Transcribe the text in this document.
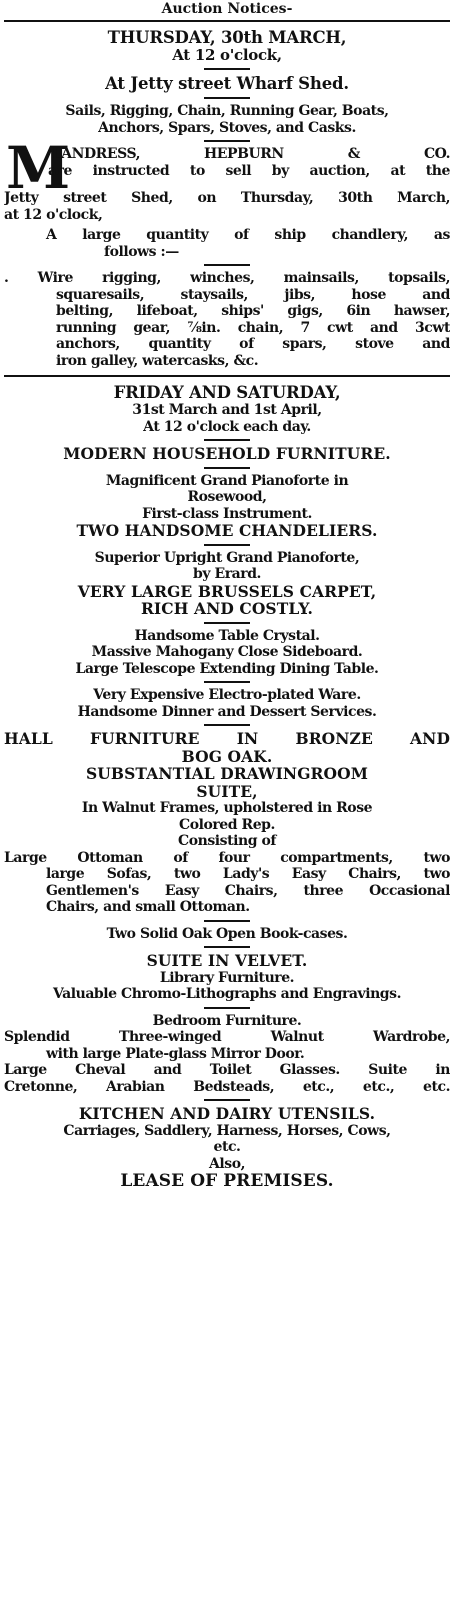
Auction Notices-
THURSDAY, 30th MARCH,
At 12 o'clock,
At Jetty street Wharf Shed.
Sails, Rigging, Chain, Running Gear, Boats,
Anchors, Spars, Stoves, and Casks.
M
'LANDRESS, HEPBURN & CO.
are instructed to sell by auction, at the
Jetty street Shed, on Thursday, 30th March,
at 12 o'clock,
A large quantity of ship chandlery, as
follows :—
. Wire rigging, winches, mainsails, topsails,
squaresails, staysails, jibs, hose and
belting, lifeboat, ships' gigs, 6in hawser,
running gear, ⅞in. chain, 7 cwt and 3cwt
anchors, quantity of spars, stove and
iron galley, watercasks, &c.
FRIDAY AND SATURDAY,
31st March and 1st April,
At 12 o'clock each day.
MODERN HOUSEHOLD FURNITURE.
Magnificent Grand Pianoforte in
Rosewood,
First-class Instrument.
TWO HANDSOME CHANDELIERS.
Superior Upright Grand Pianoforte,
by Erard.
VERY LARGE BRUSSELS CARPET,
RICH AND COSTLY.
Handsome Table Crystal.
Massive Mahogany Close Sideboard.
Large Telescope Extending Dining Table.
Very Expensive Electro-plated Ware.
Handsome Dinner and Dessert Services.
HALL FURNITURE IN BRONZE AND
BOG OAK.
SUBSTANTIAL DRAWINGROOM
SUITE,
In Walnut Frames, upholstered in Rose
Colored Rep.
Consisting of
Large Ottoman of four compartments, two
large Sofas, two Lady's Easy Chairs, two
Gentlemen's Easy Chairs, three Occasional
Chairs, and small Ottoman.
Two Solid Oak Open Book-cases.
SUITE IN VELVET.
Library Furniture.
Valuable Chromo-Lithographs and Engravings.
Bedroom Furniture.
Splendid Three-winged Walnut Wardrobe,
with large Plate-glass Mirror Door.
Large Cheval and Toilet Glasses. Suite in
Cretonne, Arabian Bedsteads, etc., etc., etc.
KITCHEN AND DAIRY UTENSILS.
Carriages, Saddlery, Harness, Horses, Cows,
etc.
Also,
LEASE OF PREMISES.
